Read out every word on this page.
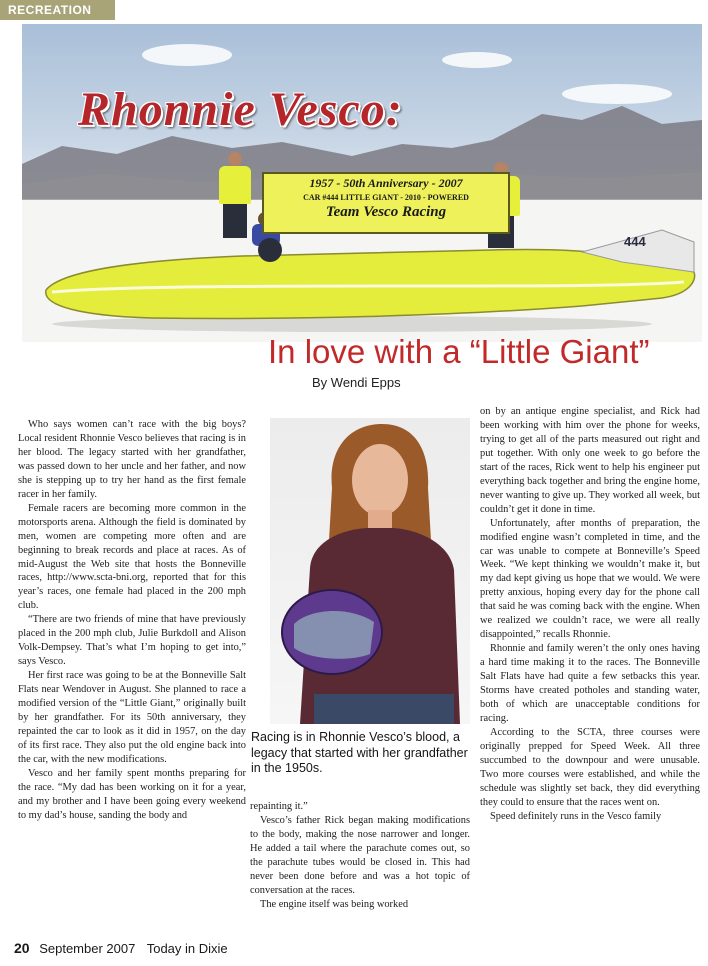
RECREATION
1957 - 50th Anniversary - 2007
CAR #444 LITTLE GIANT - 2010 - POWERED
Team Vesco Racing
444
Rhonnie Vesco:
In love with a “Little Giant”
By Wendi Epps

Who says women can’t race with the big boys? Local resident Rhonnie Vesco believes that racing is in her blood. The legacy started with her grandfather, was passed down to her uncle and her father, and now she is stepping up to try her hand as the first female racer in her family.

Female racers are becoming more common in the motorsports arena. Although the field is dominated by men, women are competing more often and are beginning to break records and place at races. As of mid-August the Web site that hosts the Bonneville races, http://www.scta-bni.org, reported that for this year’s races, one female had placed in the 200 mph club.

“There are two friends of mine that have previously placed in the 200 mph club, Julie Burkdoll and Alison Volk-Dempsey. That’s what I’m hoping to get into,” says Vesco.

Her first race was going to be at the Bonneville Salt Flats near Wendover in August. She planned to race a modified version of the “Little Giant,” originally built by her grandfather. For its 50th anniversary, they repainted the car to look as it did in 1957, on the day of its first race. They also put the old engine back into the car, with the new modifications.

Vesco and her family spent months preparing for the race. “My dad has been working on it for a year, and my brother and I have been going every weekend to my dad’s house, sanding the body and

Racing is in Rhonnie Vesco’s blood, a legacy that started with her grandfather in the 1950s.

repainting it.”

Vesco’s father Rick began making modifications to the body, making the nose narrower and longer. He added a tail where the parachute comes out, so the parachute tubes would be closed in. This had never been done before and was a hot topic of conversation at the races.

The engine itself was being worked

on by an antique engine specialist, and Rick had been working with him over the phone for weeks, trying to get all of the parts measured out right and put together. With only one week to go before the start of the races, Rick went to help his engineer put everything back together and bring the engine home, never wanting to give up. They worked all week, but couldn’t get it done in time.

Unfortunately, after months of preparation, the modified engine wasn’t completed in time, and the car was unable to compete at Bonneville’s Speed Week. “We kept thinking we wouldn’t make it, but my dad kept giving us hope that we would. We were pretty anxious, hoping every day for the phone call that said he was coming back with the engine. When we realized we couldn’t race, we were all really disappointed,” recalls Rhonnie.

Rhonnie and family weren’t the only ones having a hard time making it to the races. The Bonneville Salt Flats have had quite a few setbacks this year. Storms have created potholes and standing water, both of which are unacceptable conditions for racing.

According to the SCTA, three courses were originally prepped for Speed Week. All three succumbed to the downpour and were unusable. Two more courses were established, and while the schedule was slightly set back, they did everything they could to ensure that the races went on.

Speed definitely runs in the Vesco family

20 September 2007 Today in Dixie
